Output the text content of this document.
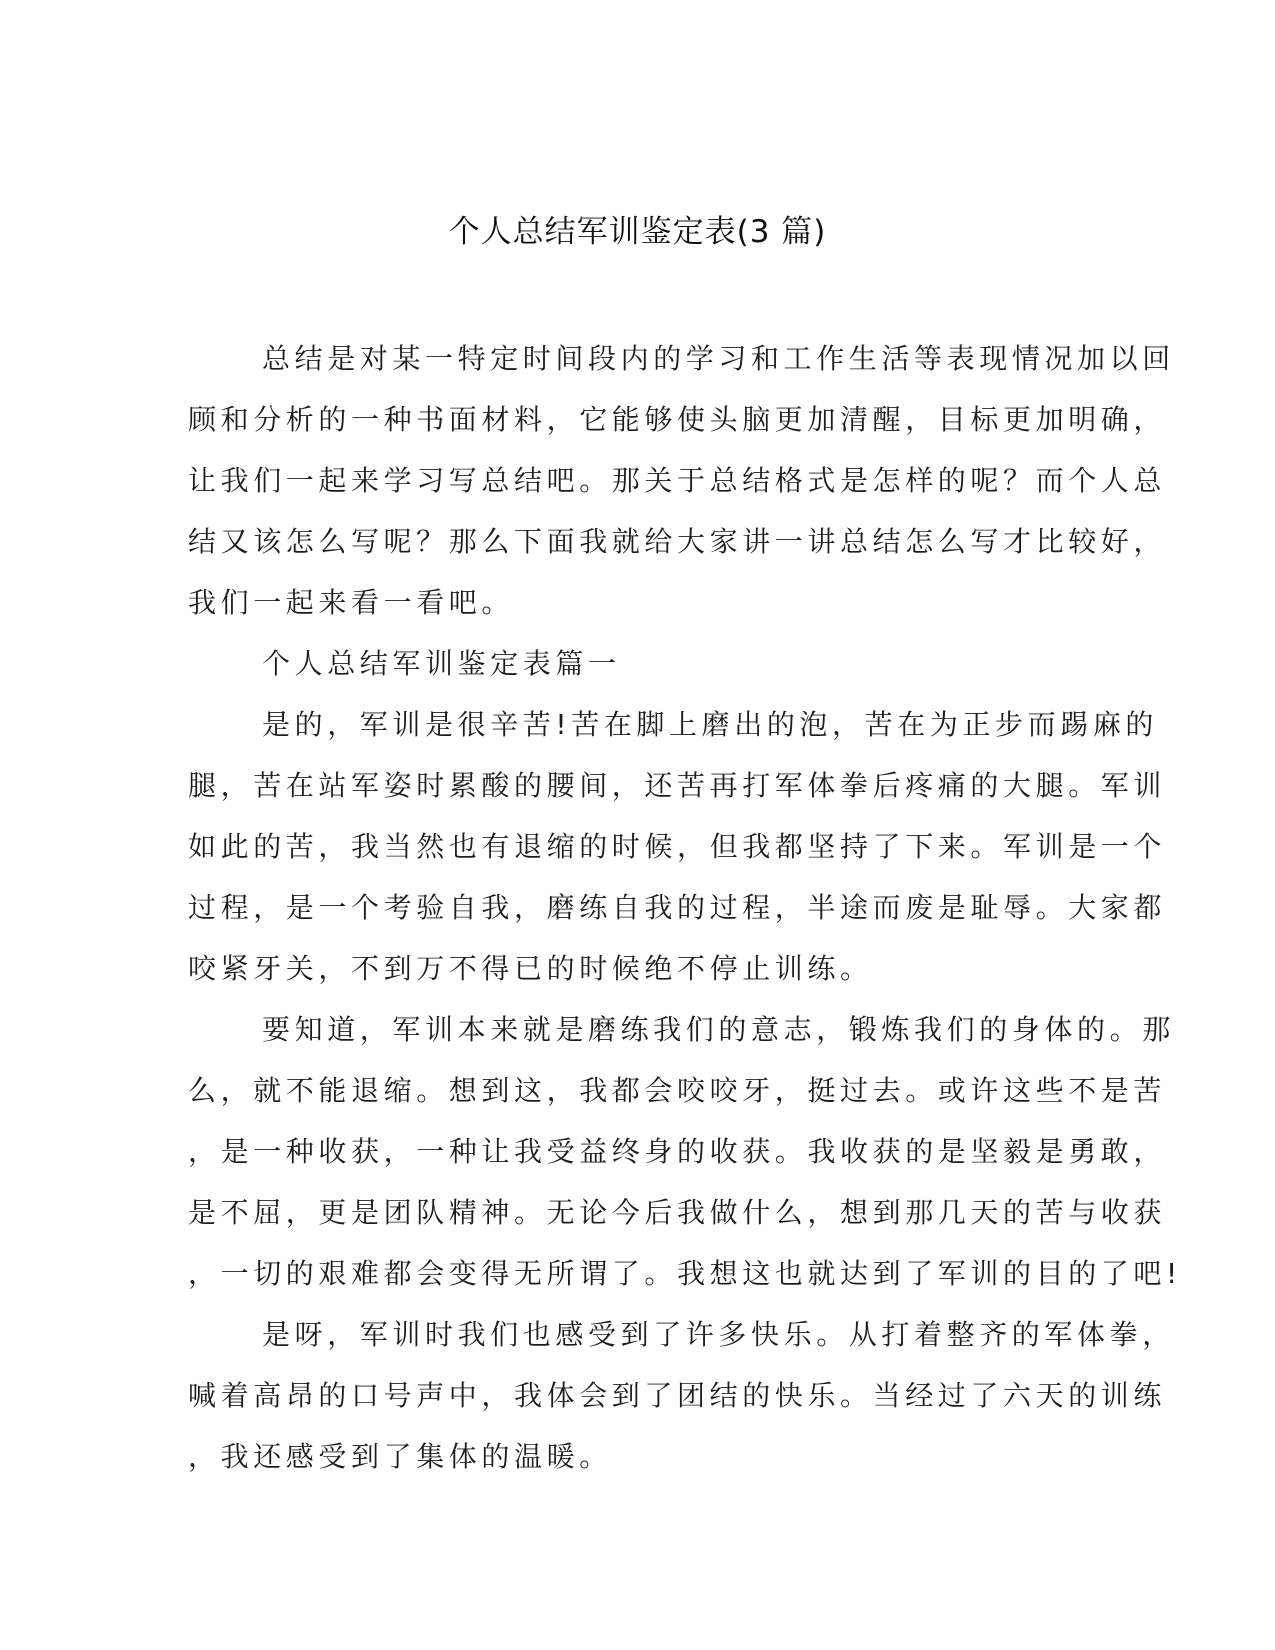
个人总结军训鉴定表(3 篇)
总结是对某一特定时间段内的学习和工作生活等表现情况加以回
顾和分析的一种书面材料，它能够使头脑更加清醒，目标更加明确，
让我们一起来学习写总结吧。那关于总结格式是怎样的呢？而个人总
结又该怎么写呢？那么下面我就给大家讲一讲总结怎么写才比较好，
我们一起来看一看吧。
个人总结军训鉴定表篇一
是的，军训是很辛苦!苦在脚上磨出的泡，苦在为正步而踢麻的
腿，苦在站军姿时累酸的腰间，还苦再打军体拳后疼痛的大腿。军训
如此的苦，我当然也有退缩的时候，但我都坚持了下来。军训是一个
过程，是一个考验自我，磨练自我的过程，半途而废是耻辱。大家都
咬紧牙关，不到万不得已的时候绝不停止训练。
要知道，军训本来就是磨练我们的意志，锻炼我们的身体的。那
么，就不能退缩。想到这，我都会咬咬牙，挺过去。或许这些不是苦
，是一种收获，一种让我受益终身的收获。我收获的是坚毅是勇敢，
是不屈，更是团队精神。无论今后我做什么，想到那几天的苦与收获
，一切的艰难都会变得无所谓了。我想这也就达到了军训的目的了吧!
是呀，军训时我们也感受到了许多快乐。从打着整齐的军体拳，
喊着高昂的口号声中，我体会到了团结的快乐。当经过了六天的训练
，我还感受到了集体的温暖。
